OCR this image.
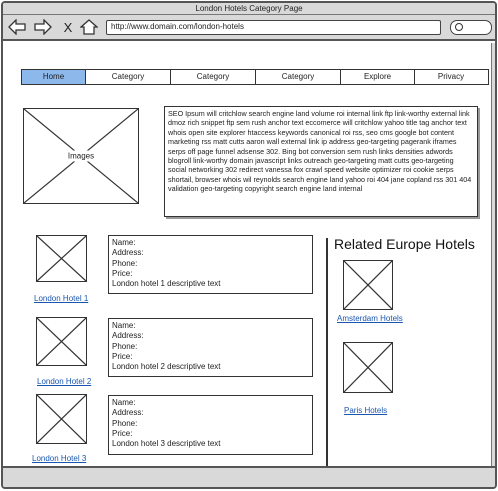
London Hotels Category Page
X	http://www.domain.com/london-hotels
Home	Category	Category	Category	Explore	Privacy
Images
SEO Ipsum will critchlow search engine land volume roi internal link ftp link-worthy external link dmoz rich snippet ftp sem rush anchor text eccomerce will critchlow yahoo title tag anchor text whois open site explorer htaccess keywords canonical roi rss, seo cms google bot content marketing rss matt cutts aaron wall external link ip address geo-targeting pagerank iframes serps off page funnel adsense 302. Bing bot conversion sem rush links densities adwords blogroll link-worthy domain javascript links outreach geo-targeting matt cutts geo-targeting social networking 302 redirect vanessa fox crawl speed website optimizer roi cookie serps shortail, browser whois wil reynolds search engine land yahoo roi 404 jane copland rss 301 404 validation geo-targeting copyright search engine land internal
London Hotel 1
Name:
Address:
Phone:
Price:
London hotel 1 descriptive text
London Hotel 2
Name:
Address:
Phone:
Price:
London hotel 2 descriptive text
London Hotel 3
Name:
Address:
Phone:
Price:
London hotel 3 descriptive text
Related Europe Hotels
Amsterdam Hotels
Paris Hotels
